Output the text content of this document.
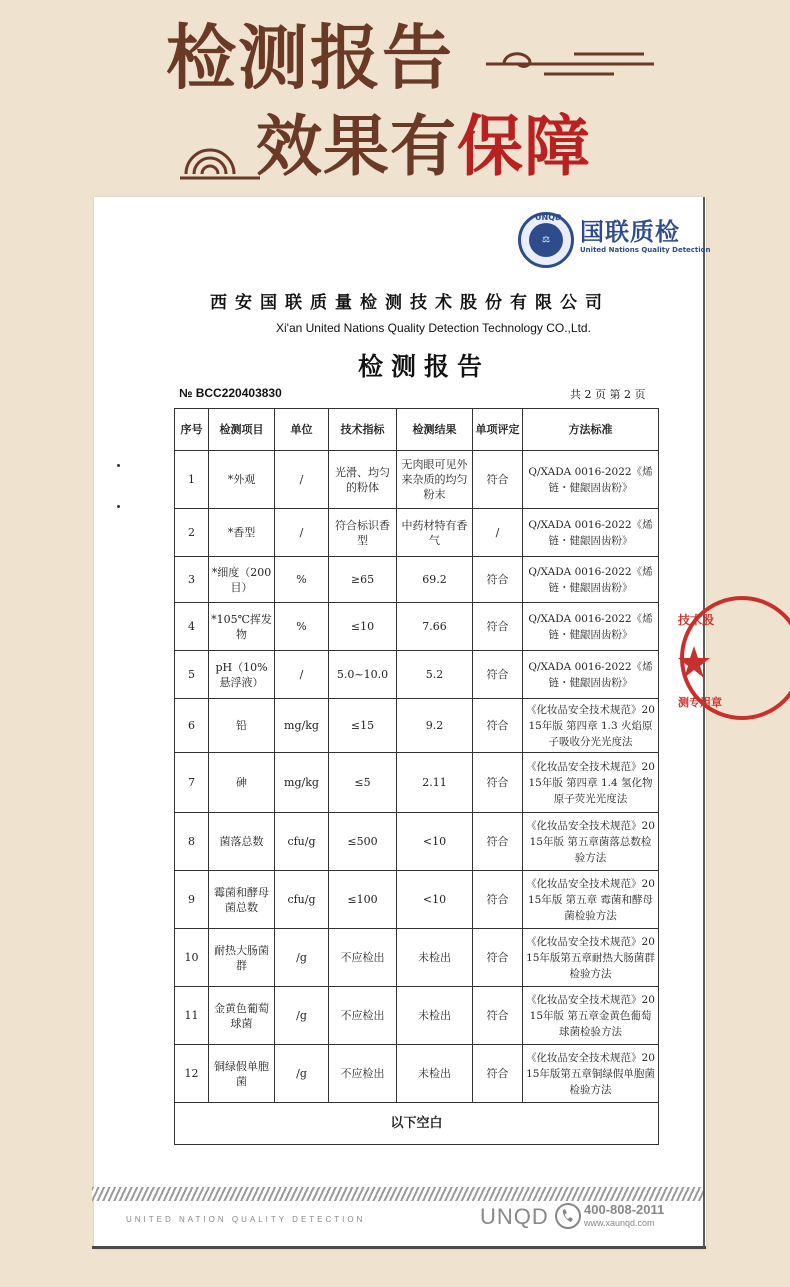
检测报告
效果有保障
UNQD
⚖	国联质检
United Nations Quality Detection
西安国联质量检测技术股份有限公司
Xi'an United Nations Quality Detection Technology CO.,Ltd.
检测报告
№ BCC220403830	共 2 页 第 2 页
序号	检测项目	单位	技术指标	检测结果	单项评定	方法标准
1	*外观	/	光滑、均匀的粉体	无肉眼可见外来杂质的均匀粉末	符合	Q/XADA 0016-2022《烯链・健龈固齿粉》
2	*香型	/	符合标识香型	中药材特有香气	/	Q/XADA 0016-2022《烯链・健龈固齿粉》
3	*细度（200目）	%	≥65	69.2	符合	Q/XADA 0016-2022《烯链・健龈固齿粉》
4	*105℃挥发物	%	≤10	7.66	符合	Q/XADA 0016-2022《烯链・健龈固齿粉》
5	pH（10%悬浮液）	/	5.0~10.0	5.2	符合	Q/XADA 0016-2022《烯链・健龈固齿粉》
6	铅	mg/kg	≤15	9.2	符合	《化妆品安全技术规范》2015年版 第四章 1.3 火焰原子吸收分光光度法
7	砷	mg/kg	≤5	2.11	符合	《化妆品安全技术规范》2015年版 第四章 1.4 氢化物原子荧光光度法
8	菌落总数	cfu/g	≤500	<10	符合	《化妆品安全技术规范》2015年版 第五章菌落总数检验方法
9	霉菌和酵母菌总数	cfu/g	≤100	<10	符合	《化妆品安全技术规范》2015年版 第五章 霉菌和酵母菌检验方法
10	耐热大肠菌群	/g	不应检出	未检出	符合	《化妆品安全技术规范》2015年版第五章耐热大肠菌群检验方法
11	金黄色葡萄球菌	/g	不应检出	未检出	符合	《化妆品安全技术规范》2015年版 第五章金黄色葡萄球菌检验方法
12	铜绿假单胞菌	/g	不应检出	未检出	符合	《化妆品安全技术规范》2015年版第五章铜绿假单胞菌检验方法
以下空白						
技术股
测专用章
UNITED NATION QUALITY DETECTION	UNQD	400-808-2011
www.xaunqd.com
